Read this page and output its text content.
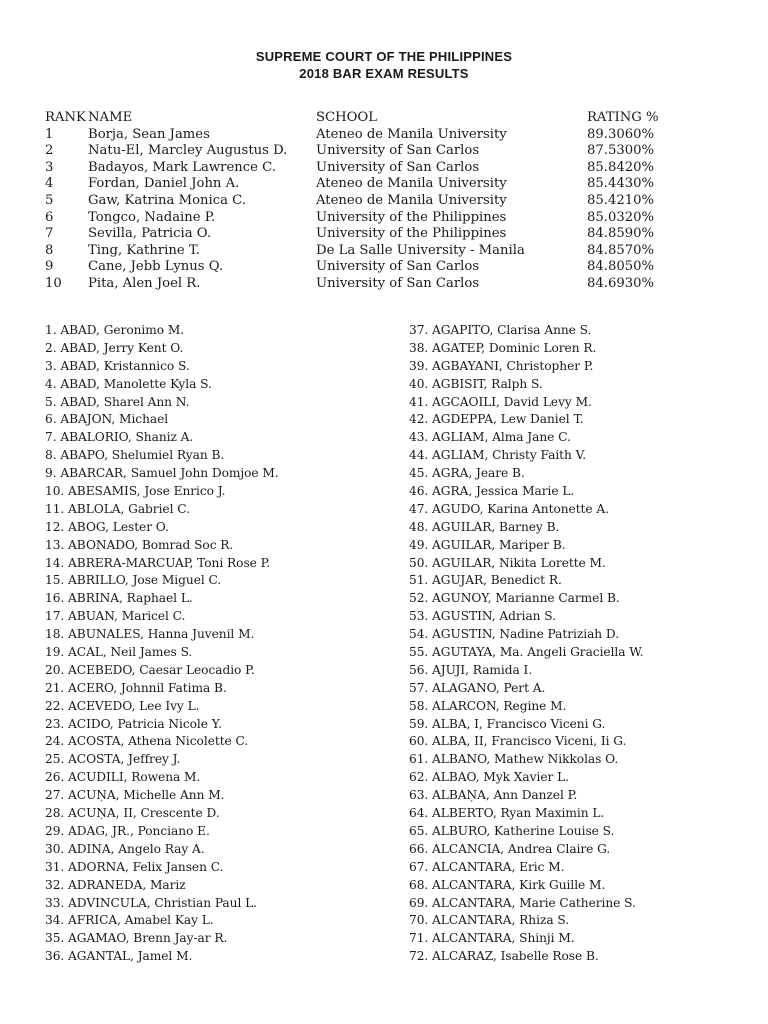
SUPREME COURT OF THE PHILIPPINES
2018 BAR EXAM RESULTS
RANK NAME	SCHOOL	RATING %
1	Borja, Sean James	Ateneo de Manila University	89.3060%
2	Natu-El, Marcley Augustus D.	University of San Carlos	87.5300%
3	Badayos, Mark Lawrence C.	University of San Carlos	85.8420%
4	Fordan, Daniel John A.	Ateneo de Manila University	85.4430%
5	Gaw, Katrina Monica C.	Ateneo de Manila University	85.4210%
6	Tongco, Nadaine P.	University of the Philippines	85.0320%
7	Sevilla, Patricia O.	University of the Philippines	84.8590%
8	Ting, Kathrine T.	De La Salle University - Manila	84.8570%
9	Cane, Jebb Lynus Q.	University of San Carlos	84.8050%
10	Pita, Alen Joel R.	University of San Carlos	84.6930%
1. ABAD, Geronimo M.
2. ABAD, Jerry Kent O.
3. ABAD, Kristannico S.
4. ABAD, Manolette Kyla S.
5. ABAD, Sharel Ann N.
6. ABAJON, Michael
7. ABALORIO, Shaniz A.
8. ABAPO, Shelumiel Ryan B.
9. ABARCAR, Samuel John Domjoe M.
10. ABESAMIS, Jose Enrico J.
11. ABLOLA, Gabriel C.
12. ABOG, Lester O.
13. ABONADO, Bomrad Soc R.
14. ABRERA-MARCUAP, Toni Rose P.
15. ABRILLO, Jose Miguel C.
16. ABRINA, Raphael L.
17. ABUAN, Maricel C.
18. ABUNALES, Hanna Juvenil M.
19. ACAL, Neil James S.
20. ACEBEDO, Caesar Leocadio P.
21. ACERO, Johnnil Fatima B.
22. ACEVEDO, Lee Ivy L.
23. ACIDO, Patricia Nicole Y.
24. ACOSTA, Athena Nicolette C.
25. ACOSTA, Jeffrey J.
26. ACUDILI, Rowena M.
27. ACUŅA, Michelle Ann M.
28. ACUŅA, II, Crescente D.
29. ADAG, JR., Ponciano E.
30. ADINA, Angelo Ray A.
31. ADORNA, Felix Jansen C.
32. ADRANEDA, Mariz
33. ADVINCULA, Christian Paul L.
34. AFRICA, Amabel Kay L.
35. AGAMAO, Brenn Jay-ar R.
36. AGANTAL, Jamel M.
37. AGAPITO, Clarisa Anne S.
38. AGATEP, Dominic Loren R.
39. AGBAYANI, Christopher P.
40. AGBISIT, Ralph S.
41. AGCAOILI, David Levy M.
42. AGDEPPA, Lew Daniel T.
43. AGLIAM, Alma Jane C.
44. AGLIAM, Christy Faith V.
45. AGRA, Jeare B.
46. AGRA, Jessica Marie L.
47. AGUDO, Karina Antonette A.
48. AGUILAR, Barney B.
49. AGUILAR, Mariper B.
50. AGUILAR, Nikita Lorette M.
51. AGUJAR, Benedict R.
52. AGUNOY, Marianne Carmel B.
53. AGUSTIN, Adrian S.
54. AGUSTIN, Nadine Patriziah D.
55. AGUTAYA, Ma. Angeli Graciella W.
56. AJUJI, Ramida I.
57. ALAGANO, Pert A.
58. ALARCON, Regine M.
59. ALBA, I, Francisco Viceni G.
60. ALBA, II, Francisco Viceni, Ii G.
61. ALBANO, Mathew Nikkolas O.
62. ALBAO, Myk Xavier L.
63. ALBAŅA, Ann Danzel P.
64. ALBERTO, Ryan Maximin L.
65. ALBURO, Katherine Louise S.
66. ALCANCIA, Andrea Claire G.
67. ALCANTARA, Eric M.
68. ALCANTARA, Kirk Guille M.
69. ALCANTARA, Marie Catherine S.
70. ALCANTARA, Rhiza S.
71. ALCANTARA, Shinji M.
72. ALCARAZ, Isabelle Rose B.
